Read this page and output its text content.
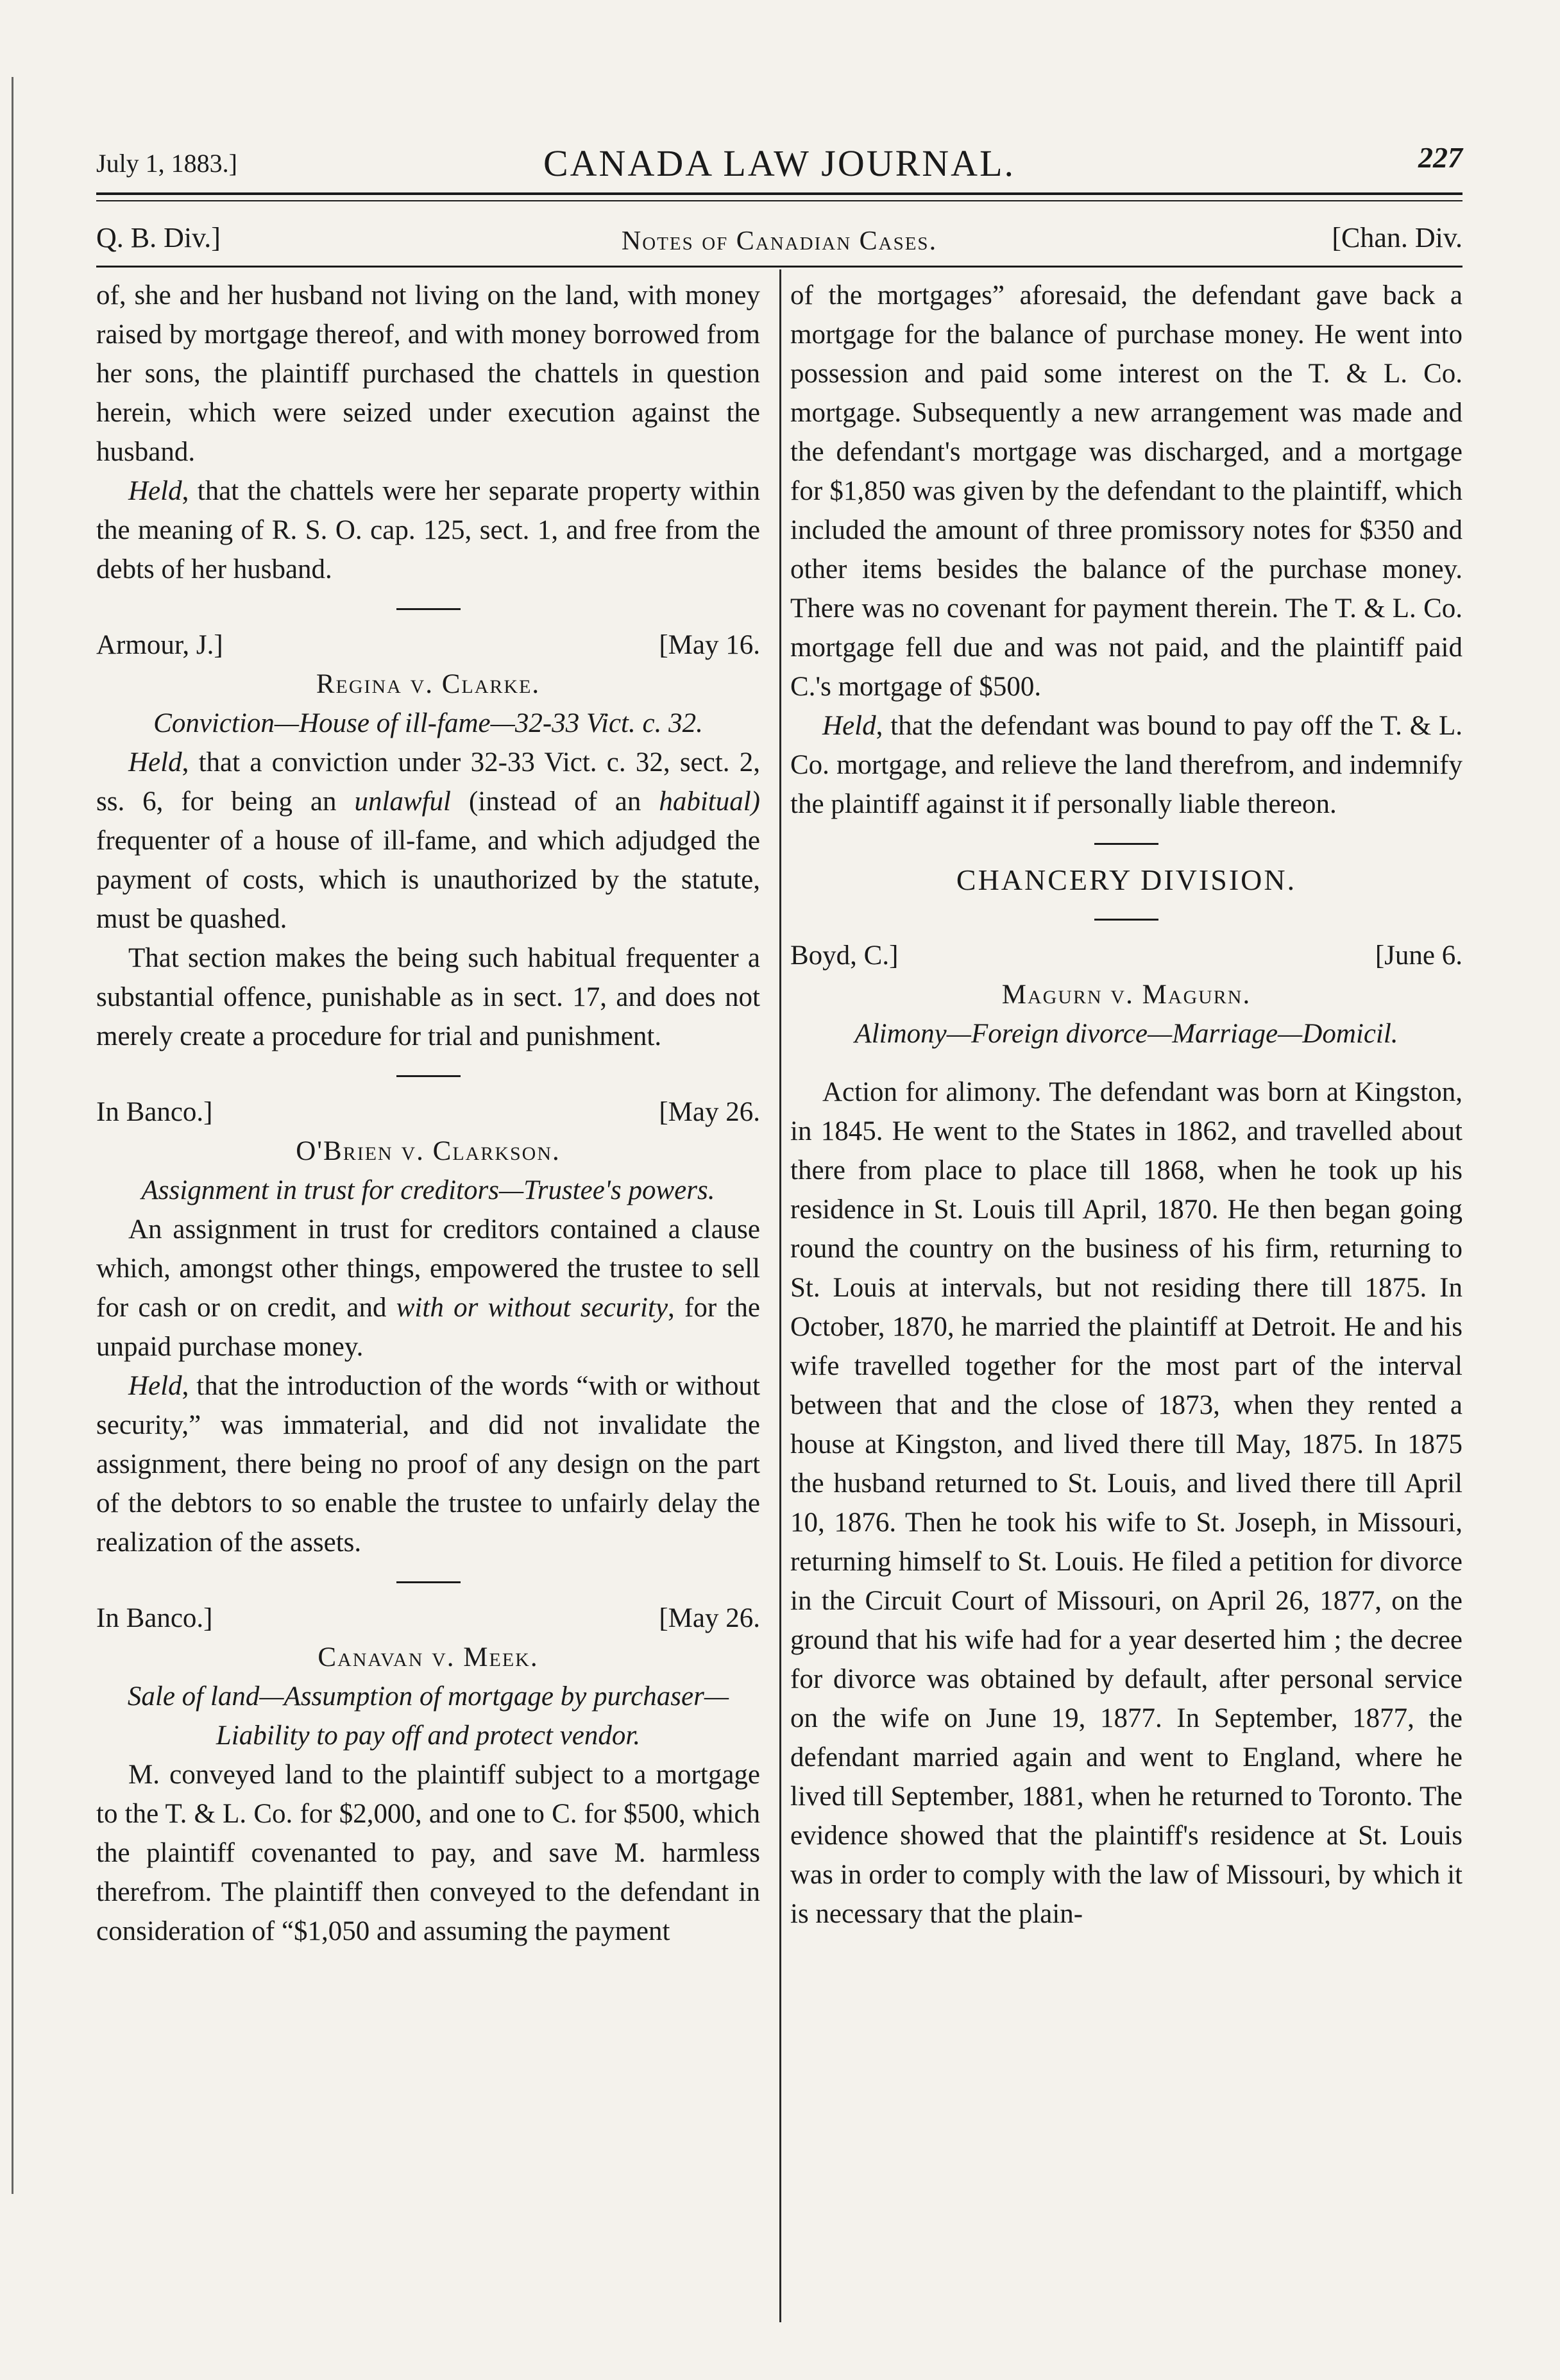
July 1, 1883.]	CANADA LAW JOURNAL.	227
Q. B. Div.]	Notes of Canadian Cases.	[Chan. Div.

of, she and her husband not living on the land, with money raised by mortgage thereof, and with money borrowed from her sons, the plaintiff purchased the chattels in question herein, which were seized under execution against the husband.

Held, that the chattels were her separate property within the meaning of R. S. O. cap. 125, sect. 1, and free from the debts of her husband.

Armour, J.]	[May 16.
Regina v. Clarke.
Conviction—House of ill-fame—32-33 Vict. c. 32.

Held, that a conviction under 32-33 Vict. c. 32, sect. 2, ss. 6, for being an unlawful (instead of an habitual) frequenter of a house of ill-fame, and which adjudged the payment of costs, which is unauthorized by the statute, must be quashed.

That section makes the being such habitual frequenter a substantial offence, punishable as in sect. 17, and does not merely create a procedure for trial and punishment.

In Banco.]	[May 26.
O'Brien v. Clarkson.
Assignment in trust for creditors—Trustee's powers.

An assignment in trust for creditors contained a clause which, amongst other things, empowered the trustee to sell for cash or on credit, and with or without security, for the unpaid purchase money.

Held, that the introduction of the words “with or without security,” was immaterial, and did not invalidate the assignment, there being no proof of any design on the part of the debtors to so enable the trustee to unfairly delay the realization of the assets.

In Banco.]	[May 26.
Canavan v. Meek.
Sale of land—Assumption of mortgage by purchaser—Liability to pay off and protect vendor.

M. conveyed land to the plaintiff subject to a mortgage to the T. & L. Co. for $2,000, and one to C. for $500, which the plaintiff covenanted to pay, and save M. harmless therefrom. The plaintiff then conveyed to the defendant in consideration of “$1,050 and assuming the payment

of the mortgages” aforesaid, the defendant gave back a mortgage for the balance of purchase money. He went into possession and paid some interest on the T. & L. Co. mortgage. Subsequently a new arrangement was made and the defendant's mortgage was discharged, and a mortgage for $1,850 was given by the defendant to the plaintiff, which included the amount of three promissory notes for $350 and other items besides the balance of the purchase money. There was no covenant for payment therein. The T. & L. Co. mortgage fell due and was not paid, and the plaintiff paid C.'s mortgage of $500.

Held, that the defendant was bound to pay off the T. & L. Co. mortgage, and relieve the land therefrom, and indemnify the plaintiff against it if personally liable thereon.

CHANCERY DIVISION.
Boyd, C.]	[June 6.
Magurn v. Magurn.
Alimony—Foreign divorce—Marriage—Domicil.

Action for alimony. The defendant was born at Kingston, in 1845. He went to the States in 1862, and travelled about there from place to place till 1868, when he took up his residence in St. Louis till April, 1870. He then began going round the country on the business of his firm, returning to St. Louis at intervals, but not residing there till 1875. In October, 1870, he married the plaintiff at Detroit. He and his wife travelled together for the most part of the interval between that and the close of 1873, when they rented a house at Kingston, and lived there till May, 1875. In 1875 the husband returned to St. Louis, and lived there till April 10, 1876. Then he took his wife to St. Joseph, in Missouri, returning himself to St. Louis. He filed a petition for divorce in the Circuit Court of Missouri, on April 26, 1877, on the ground that his wife had for a year deserted him ; the decree for divorce was obtained by default, after personal service on the wife on June 19, 1877. In September, 1877, the defendant married again and went to England, where he lived till September, 1881, when he returned to Toronto. The evidence showed that the plaintiff's residence at St. Louis was in order to comply with the law of Missouri, by which it is necessary that the plain-
